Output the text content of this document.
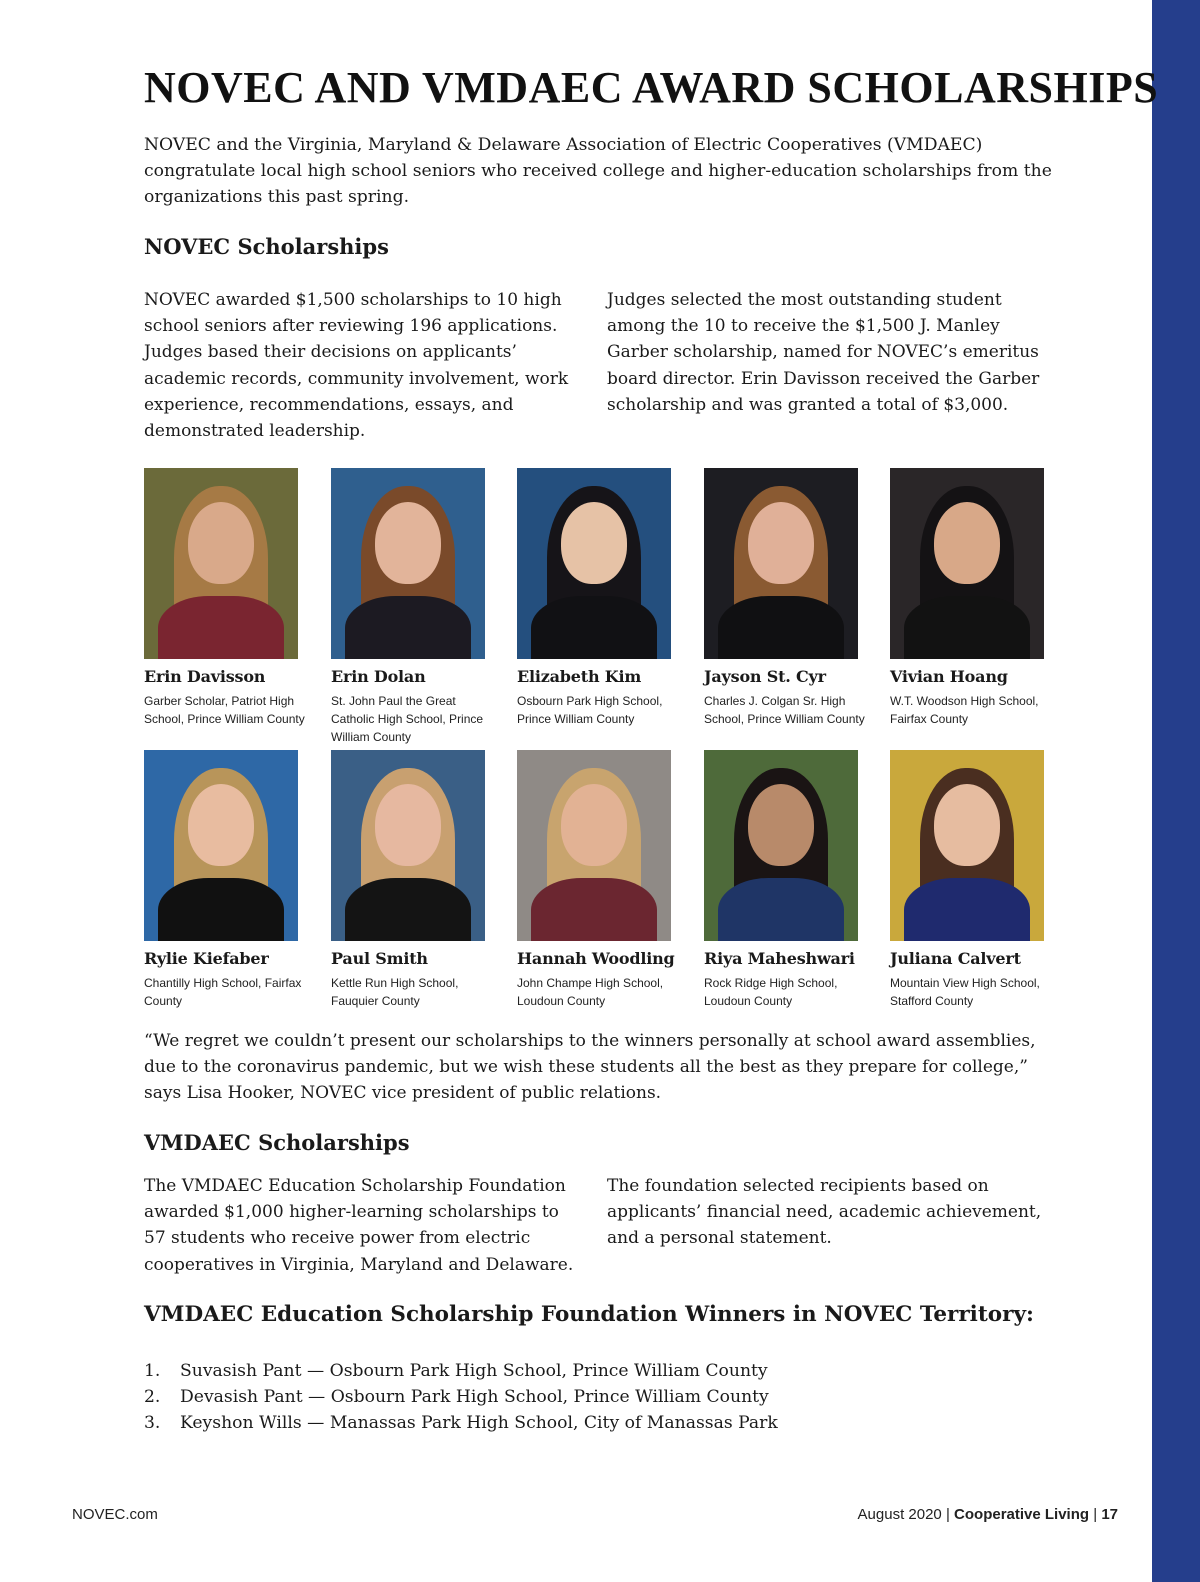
NOVEC AND VMDAEC AWARD SCHOLARSHIPS

NOVEC and the Virginia, Maryland & Delaware Association of Electric Cooperatives (VMDAEC) congratulate local high school seniors who received college and higher-education scholarships from the organizations this past spring.

NOVEC Scholarships

NOVEC awarded $1,500 scholarships to 10 high school seniors after reviewing 196 applications. Judges based their decisions on applicants’ academic records, community involvement, work experience, recommendations, essays, and demonstrated leadership.

Judges selected the most outstanding student among the 10 to receive the $1,500 J. Manley Garber scholarship, named for NOVEC’s emeritus board director. Erin Davisson received the Garber scholarship and was granted a total of $3,000.

Erin Davisson

Garber Scholar, Patriot High School, Prince William County

Erin Dolan

St. John Paul the Great Catholic High School, Prince William County

Elizabeth Kim

Osbourn Park High School, Prince William County

Jayson St. Cyr

Charles J. Colgan Sr. High School, Prince William County

Vivian Hoang

W.T. Woodson High School, Fairfax County

Rylie Kiefaber

Chantilly High School, Fairfax County

Paul Smith

Kettle Run High School, Fauquier County

Hannah Woodling

John Champe High School, Loudoun County

Riya Maheshwari

Rock Ridge High School, Loudoun County

Juliana Calvert

Mountain View High School, Stafford County

“We regret we couldn’t present our scholarships to the winners personally at school award assemblies, due to the coronavirus pandemic, but we wish these students all the best as they prepare for college,” says Lisa Hooker, NOVEC vice president of public relations.

VMDAEC Scholarships

The VMDAEC Education Scholarship Foundation awarded $1,000 higher-learning scholarships to 57 students who receive power from electric cooperatives in Virginia, Maryland and Delaware.

The foundation selected recipients based on applicants’ financial need, academic achievement, and a personal statement.

VMDAEC Education Scholarship Foundation Winners in NOVEC Territory:
1. Suvasish Pant — Osbourn Park High School, Prince William County
2. Devasish Pant — Osbourn Park High School, Prince William County
3. Keyshon Wills — Manassas Park High School, City of Manassas Park
NOVEC.com	August 2020 | Cooperative Living | 17
